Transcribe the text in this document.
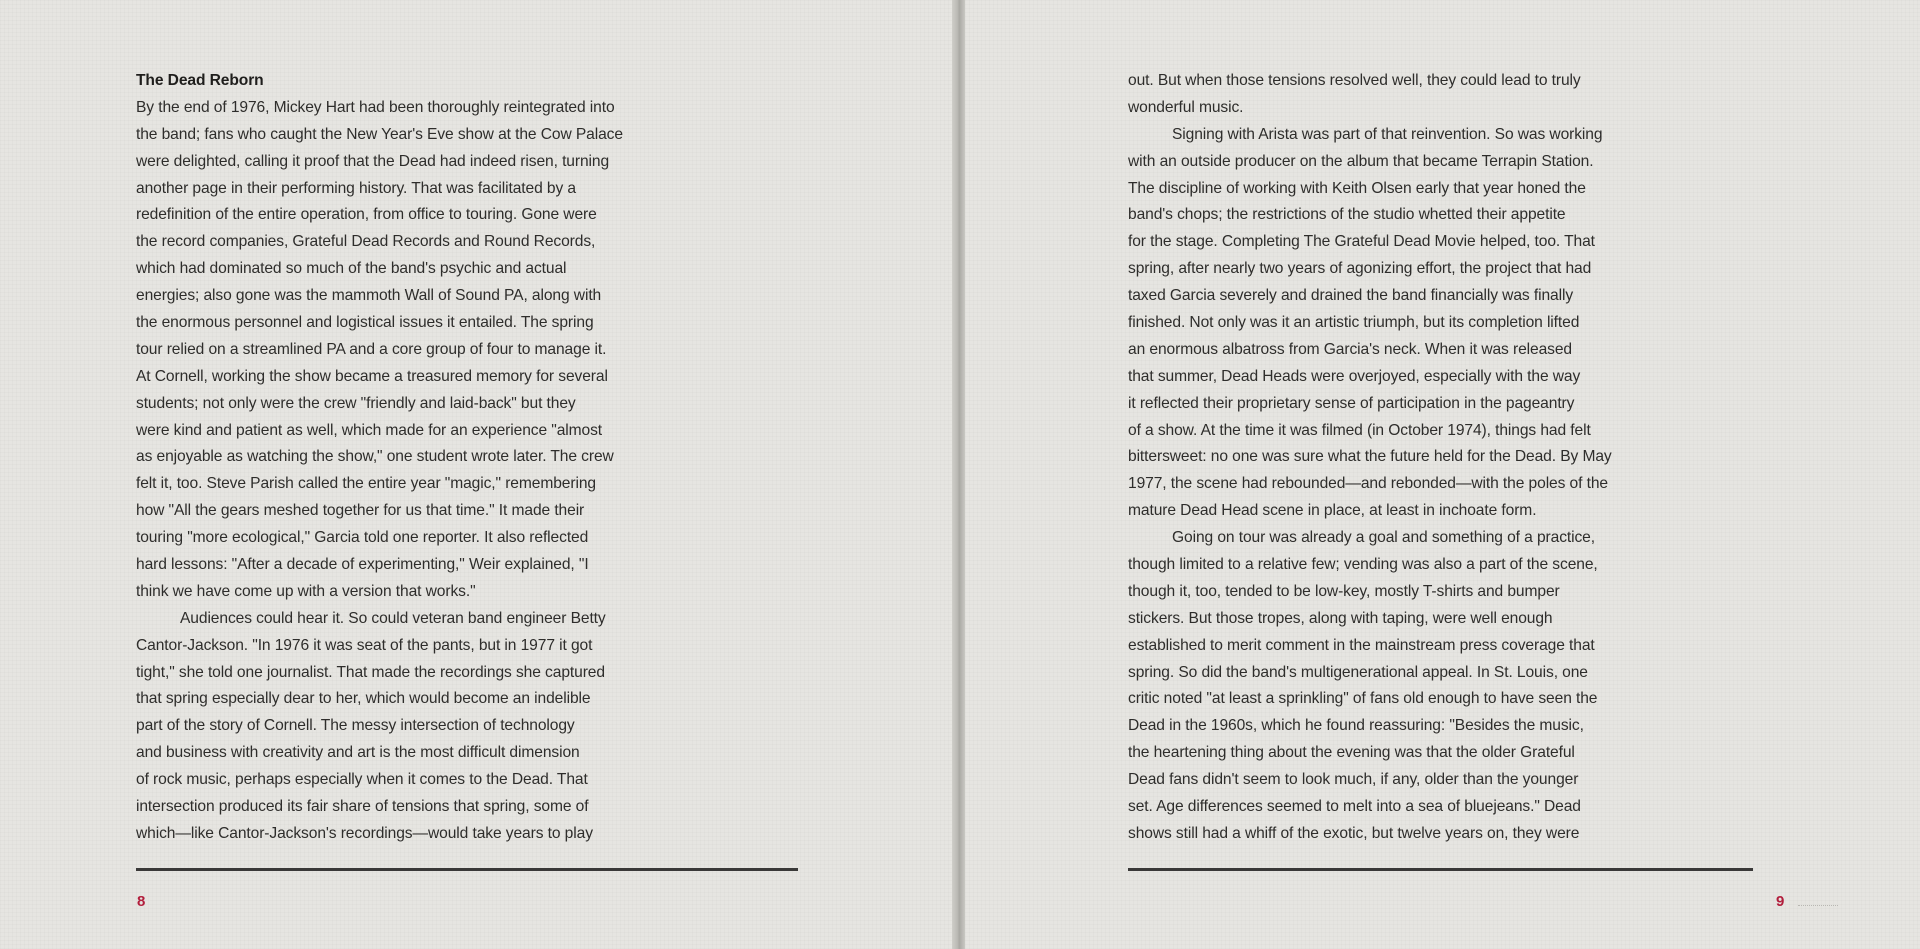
The Dead Reborn
By the end of 1976, Mickey Hart had been thoroughly reintegrated into
the band; fans who caught the New Year's Eve show at the Cow Palace
were delighted, calling it proof that the Dead had indeed risen, turning
another page in their performing history. That was facilitated by a
redefinition of the entire operation, from office to touring. Gone were
the record companies, Grateful Dead Records and Round Records,
which had dominated so much of the band's psychic and actual
energies; also gone was the mammoth Wall of Sound PA, along with
the enormous personnel and logistical issues it entailed. The spring
tour relied on a streamlined PA and a core group of four to manage it.
At Cornell, working the show became a treasured memory for several
students; not only were the crew "friendly and laid-back" but they
were kind and patient as well, which made for an experience "almost
as enjoyable as watching the show," one student wrote later. The crew
felt it, too. Steve Parish called the entire year "magic," remembering
how "All the gears meshed together for us that time." It made their
touring "more ecological," Garcia told one reporter. It also reflected
hard lessons: "After a decade of experimenting," Weir explained, "I
think we have come up with a version that works."
Audiences could hear it. So could veteran band engineer Betty
Cantor-Jackson. "In 1976 it was seat of the pants, but in 1977 it got
tight," she told one journalist. That made the recordings she captured
that spring especially dear to her, which would become an indelible
part of the story of Cornell. The messy intersection of technology
and business with creativity and art is the most difficult dimension
of rock music, perhaps especially when it comes to the Dead. That
intersection produced its fair share of tensions that spring, some of
which—like Cantor-Jackson's recordings—would take years to play
8
out. But when those tensions resolved well, they could lead to truly
wonderful music.
Signing with Arista was part of that reinvention. So was working
with an outside producer on the album that became Terrapin Station.
The discipline of working with Keith Olsen early that year honed the
band's chops; the restrictions of the studio whetted their appetite
for the stage. Completing The Grateful Dead Movie helped, too. That
spring, after nearly two years of agonizing effort, the project that had
taxed Garcia severely and drained the band financially was finally
finished. Not only was it an artistic triumph, but its completion lifted
an enormous albatross from Garcia's neck. When it was released
that summer, Dead Heads were overjoyed, especially with the way
it reflected their proprietary sense of participation in the pageantry
of a show. At the time it was filmed (in October 1974), things had felt
bittersweet: no one was sure what the future held for the Dead. By May
1977, the scene had rebounded—and rebonded—with the poles of the
mature Dead Head scene in place, at least in inchoate form.
Going on tour was already a goal and something of a practice,
though limited to a relative few; vending was also a part of the scene,
though it, too, tended to be low-key, mostly T-shirts and bumper
stickers. But those tropes, along with taping, were well enough
established to merit comment in the mainstream press coverage that
spring. So did the band's multigenerational appeal. In St. Louis, one
critic noted "at least a sprinkling" of fans old enough to have seen the
Dead in the 1960s, which he found reassuring: "Besides the music,
the heartening thing about the evening was that the older Grateful
Dead fans didn't seem to look much, if any, older than the younger
set. Age differences seemed to melt into a sea of bluejeans." Dead
shows still had a whiff of the exotic, but twelve years on, they were
9
